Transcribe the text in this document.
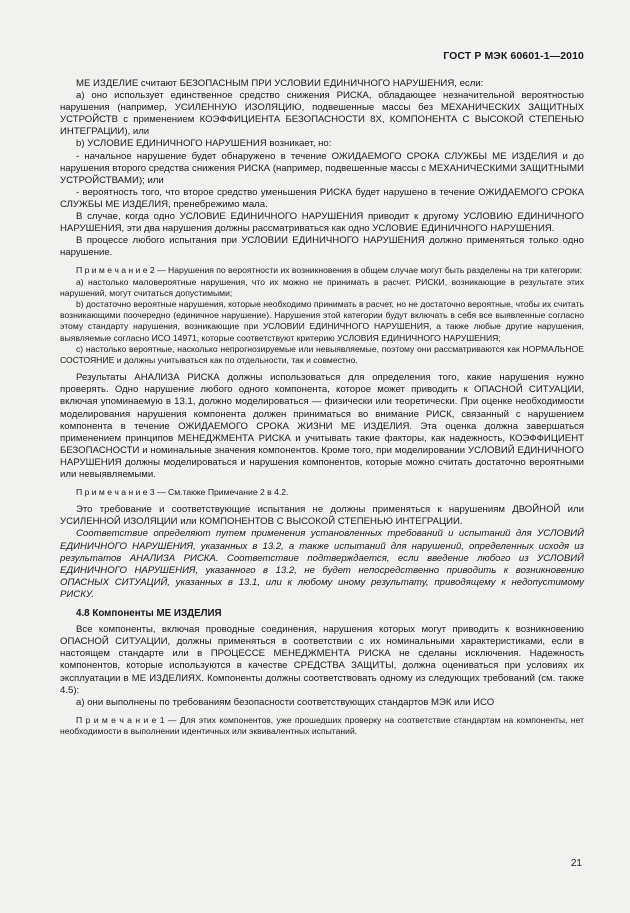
ГОСТ Р МЭК 60601-1—2010

МЕ ИЗДЕЛИЕ считают БЕЗОПАСНЫМ ПРИ УСЛОВИИ ЕДИНИЧНОГО НАРУШЕНИЯ, если:

а) оно использует единственное средство снижения РИСКА, обладающее незначительной вероятностью нарушения (например, УСИЛЕННУЮ ИЗОЛЯЦИЮ, подвешенные массы без МЕХАНИЧЕСКИХ ЗАЩИТНЫХ УСТРОЙСТВ с применением КОЭФФИЦИЕНТА БЕЗОПАСНОСТИ 8Х, КОМПОНЕНТА С ВЫСОКОЙ СТЕПЕНЬЮ ИНТЕГРАЦИИ), или

b) УСЛОВИЕ ЕДИНИЧНОГО НАРУШЕНИЯ возникает, но:

- начальное нарушение будет обнаружено в течение ОЖИДАЕМОГО СРОКА СЛУЖБЫ МЕ ИЗДЕЛИЯ и до нарушения второго средства снижения РИСКА (например, подвешенные массы с МЕХАНИЧЕСКИМИ ЗАЩИТНЫМИ УСТРОЙСТВАМИ); или

- вероятность того, что второе средство уменьшения РИСКА будет нарушено в течение ОЖИДАЕМОГО СРОКА СЛУЖБЫ МЕ ИЗДЕЛИЯ, пренебрежимо мала.

В случае, когда одно УСЛОВИЕ ЕДИНИЧНОГО НАРУШЕНИЯ приводит к другому УСЛОВИЮ ЕДИНИЧНОГО НАРУШЕНИЯ, эти два нарушения должны рассматриваться как одно УСЛОВИЕ ЕДИНИЧНОГО НАРУШЕНИЯ.

В процессе любого испытания при УСЛОВИИ ЕДИНИЧНОГО НАРУШЕНИЯ должно применяться только одно нарушение.

П р и м е ч а н и е 2 — Нарушения по вероятности их возникновения в общем случае могут быть разделены на три категории:

а) настолько маловероятные нарушения, что их можно не принимать в расчет. РИСКИ, возникающие в результате этих нарушений, могут считаться допустимыми;

b) достаточно вероятные нарушения, которые необходимо принимать в расчет, но не достаточно вероятные, чтобы их считать возникающими поочередно (единичное нарушение). Нарушения этой категории будут включать в себя все выявленные согласно этому стандарту нарушения, возникающие при УСЛОВИИ ЕДИНИЧНОГО НАРУШЕНИЯ, а также любые другие нарушения, выявляемые согласно ИСО 14971, которые соответствуют критерию УСЛОВИЯ ЕДИНИЧНОГО НАРУШЕНИЯ;

с) настолько вероятные, насколько непрогнозируемые или невыявляемые, поэтому они рассматриваются как НОРМАЛЬНОЕ СОСТОЯНИЕ и должны учитываться как по отдельности, так и совместно.

Результаты АНАЛИЗА РИСКА должны использоваться для определения того, какие нарушения нужно проверять. Одно нарушение любого одного компонента, которое может приводить к ОПАСНОЙ СИТУАЦИИ, включая упоминаемую в 13.1, должно моделироваться — физически или теоретически. При оценке необходимости моделирования нарушения компонента должен приниматься во внимание РИСК, связанный с нарушением компонента в течение ОЖИДАЕМОГО СРОКА ЖИЗНИ МЕ ИЗДЕЛИЯ. Эта оценка должна завершаться применением принципов МЕНЕДЖМЕНТА РИСКА и учитывать такие факторы, как надежность, КОЭФФИЦИЕНТ БЕЗОПАСНОСТИ и номинальные значения компонентов. Кроме того, при моделировании УСЛОВИЙ ЕДИНИЧНОГО НАРУШЕНИЯ должны моделироваться и нарушения компонентов, которые можно считать достаточно вероятными или невыявляемыми.

П р и м е ч а н и е 3 — См.также Примечание 2 в 4.2.

Это требование и соответствующие испытания не должны применяться к нарушениям ДВОЙНОЙ или УСИЛЕННОЙ ИЗОЛЯЦИИ или КОМПОНЕНТОВ С ВЫСОКОЙ СТЕПЕНЬЮ ИНТЕГРАЦИИ.

Соответствие определяют путем применения установленных требований и испытаний для УСЛОВИЙ ЕДИНИЧНОГО НАРУШЕНИЯ, указанных в 13.2, а также испытаний для нарушений, определенных исходя из результатов АНАЛИЗА РИСКА. Соответствие подтверждается, если введение любого из УСЛОВИЙ ЕДИНИЧНОГО НАРУШЕНИЯ, указанного в 13.2, не будет непосредственно приводить к возникновению ОПАСНЫХ СИТУАЦИЙ, указанных в 13.1, или к любому иному результату, приводящему к недопустимому РИСКУ.

4.8 Компоненты МЕ ИЗДЕЛИЯ

Все компоненты, включая проводные соединения, нарушения которых могут приводить к возникновению ОПАСНОЙ СИТУАЦИИ, должны применяться в соответствии с их номинальными характеристиками, если в настоящем стандарте или в ПРОЦЕССЕ МЕНЕДЖМЕНТА РИСКА не сделаны исключения. Надежность компонентов, которые используются в качестве СРЕДСТВА ЗАЩИТЫ, должна оцениваться при условиях их эксплуатации в МЕ ИЗДЕЛИЯХ. Компоненты должны соответствовать одному из следующих требований (см. также 4.5):

а) они выполнены по требованиям безопасности соответствующих стандартов МЭК или ИСО

П р и м е ч а н и е 1 — Для этих компонентов, уже прошедших проверку на соответствие стандартам на компоненты, нет необходимости в выполнении идентичных или эквивалентных испытаний.

21
